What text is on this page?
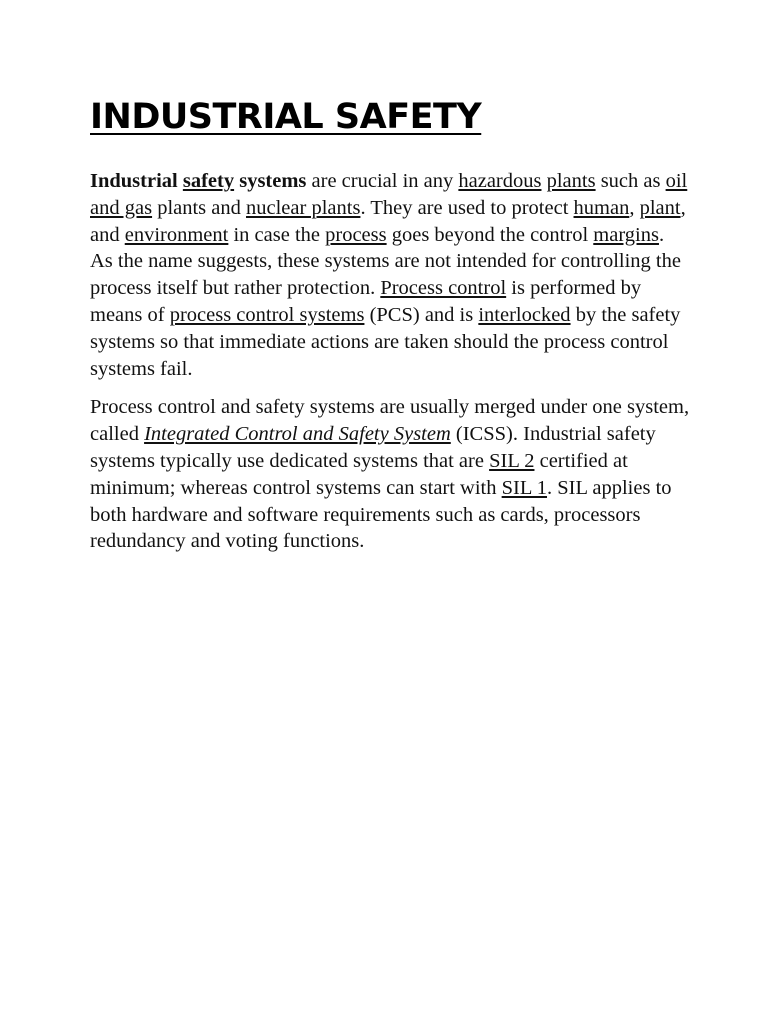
INDUSTRIAL SAFETY

Industrial safety systems are crucial in any hazardous plants such as oil and gas plants and nuclear plants. They are used to protect human, plant, and environment in case the process goes beyond the control margins. As the name suggests, these systems are not intended for controlling the process itself but rather protection. Process control is performed by means of process control systems (PCS) and is interlocked by the safety systems so that immediate actions are taken should the process control systems fail.

Process control and safety systems are usually merged under one system, called Integrated Control and Safety System (ICSS). Industrial safety systems typically use dedicated systems that are SIL 2 certified at minimum; whereas control systems can start with SIL 1. SIL applies to both hardware and software requirements such as cards, processors redundancy and voting functions.
